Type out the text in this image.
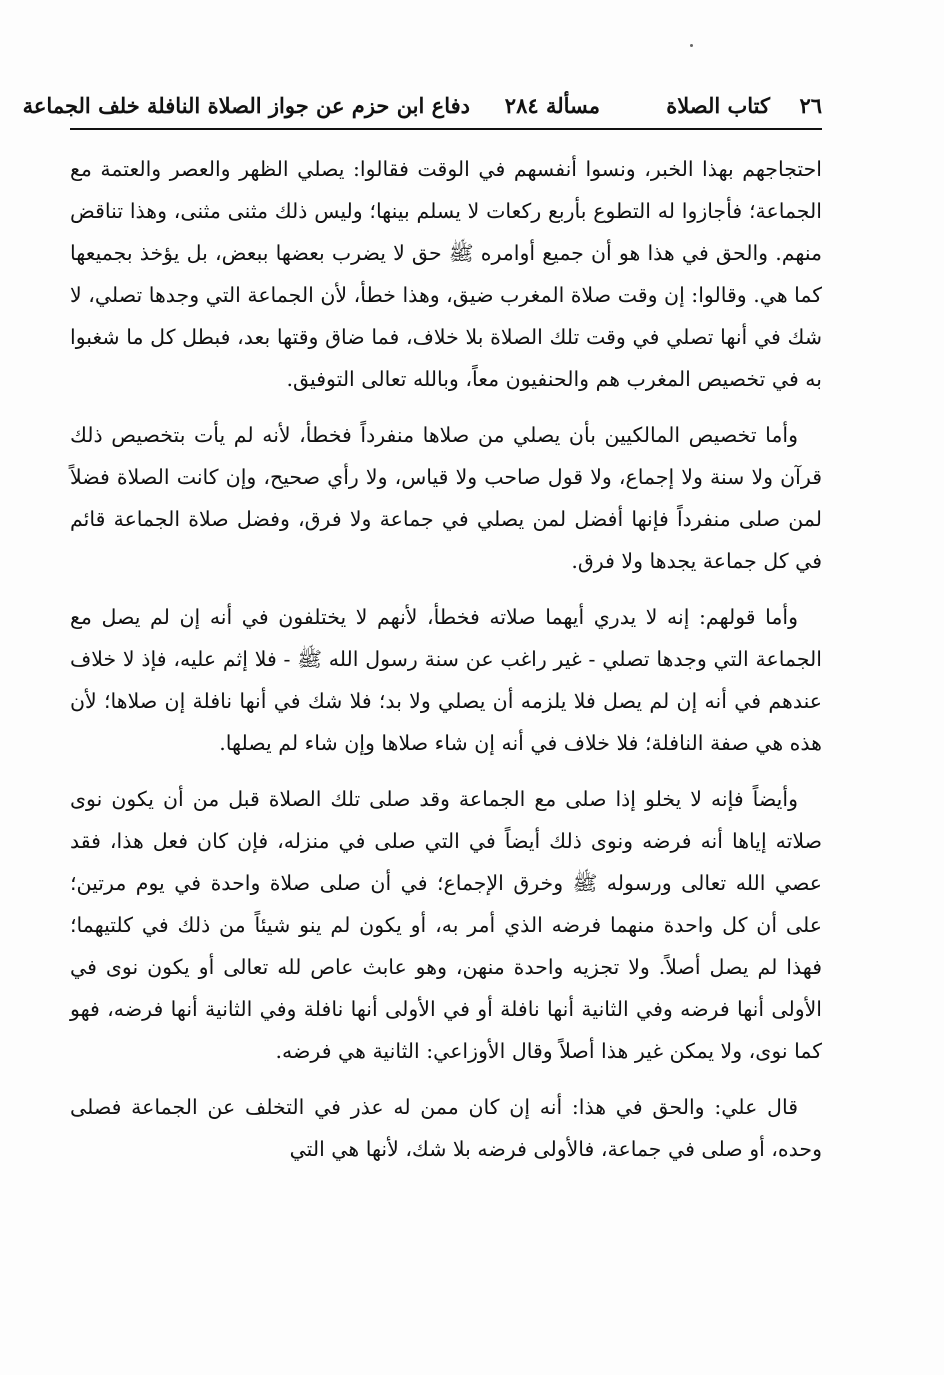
٢٦
كتاب الصلاة
مسألة ٢٨٤
دفاع ابن حزم عن جواز الصلاة النافلة خلف الجماعة

احتجاجهم بهذا الخبر، ونسوا أنفسهم في الوقت فقالوا: يصلي الظهر والعصر والعتمة مع الجماعة؛ فأجازوا له التطوع بأربع ركعات لا يسلم بينها؛ وليس ذلك مثنى مثنى، وهذا تناقض منهم. والحق في هذا هو أن جميع أوامره ﷺ حق لا يضرب بعضها ببعض، بل يؤخذ بجميعها كما هي. وقالوا: إن وقت صلاة المغرب ضيق، وهذا خطأ، لأن الجماعة التي وجدها تصلي، لا شك في أنها تصلي في وقت تلك الصلاة بلا خلاف، فما ضاق وقتها بعد، فبطل كل ما شغبوا به في تخصيص المغرب هم والحنفيون معاً، وبالله تعالى التوفيق.

وأما تخصيص المالكيين بأن يصلي من صلاها منفرداً فخطأ، لأنه لم يأت بتخصيص ذلك قرآن ولا سنة ولا إجماع، ولا قول صاحب ولا قياس، ولا رأي صحيح، وإن كانت الصلاة فضلاً لمن صلى منفرداً فإنها أفضل لمن يصلي في جماعة ولا فرق، وفضل صلاة الجماعة قائم في كل جماعة يجدها ولا فرق.

وأما قولهم: إنه لا يدري أيهما صلاته فخطأ، لأنهم لا يختلفون في أنه إن لم يصل مع الجماعة التي وجدها تصلي - غير راغب عن سنة رسول الله ﷺ - فلا إثم عليه، فإذ لا خلاف عندهم في أنه إن لم يصل فلا يلزمه أن يصلي ولا بد؛ فلا شك في أنها نافلة إن صلاها؛ لأن هذه هي صفة النافلة؛ فلا خلاف في أنه إن شاء صلاها وإن شاء لم يصلها.

وأيضاً فإنه لا يخلو إذا صلى مع الجماعة وقد صلى تلك الصلاة قبل من أن يكون نوى صلاته إياها أنه فرضه ونوى ذلك أيضاً في التي صلى في منزله، فإن كان فعل هذا، فقد عصي الله تعالى ورسوله ﷺ وخرق الإجماع؛ في أن صلى صلاة واحدة في يوم مرتين؛ على أن كل واحدة منهما فرضه الذي أمر به، أو يكون لم ينو شيئاً من ذلك في كلتيهما؛ فهذا لم يصل أصلاً. ولا تجزيه واحدة منهن، وهو عابث عاص لله تعالى أو يكون نوى في الأولى أنها فرضه وفي الثانية أنها نافلة أو في الأولى أنها نافلة وفي الثانية أنها فرضه، فهو كما نوى، ولا يمكن غير هذا أصلاً وقال الأوزاعي: الثانية هي فرضه.

قال علي: والحق في هذا: أنه إن كان ممن له عذر في التخلف عن الجماعة فصلى وحده، أو صلى في جماعة، فالأولى فرضه بلا شك، لأنها هي التي
